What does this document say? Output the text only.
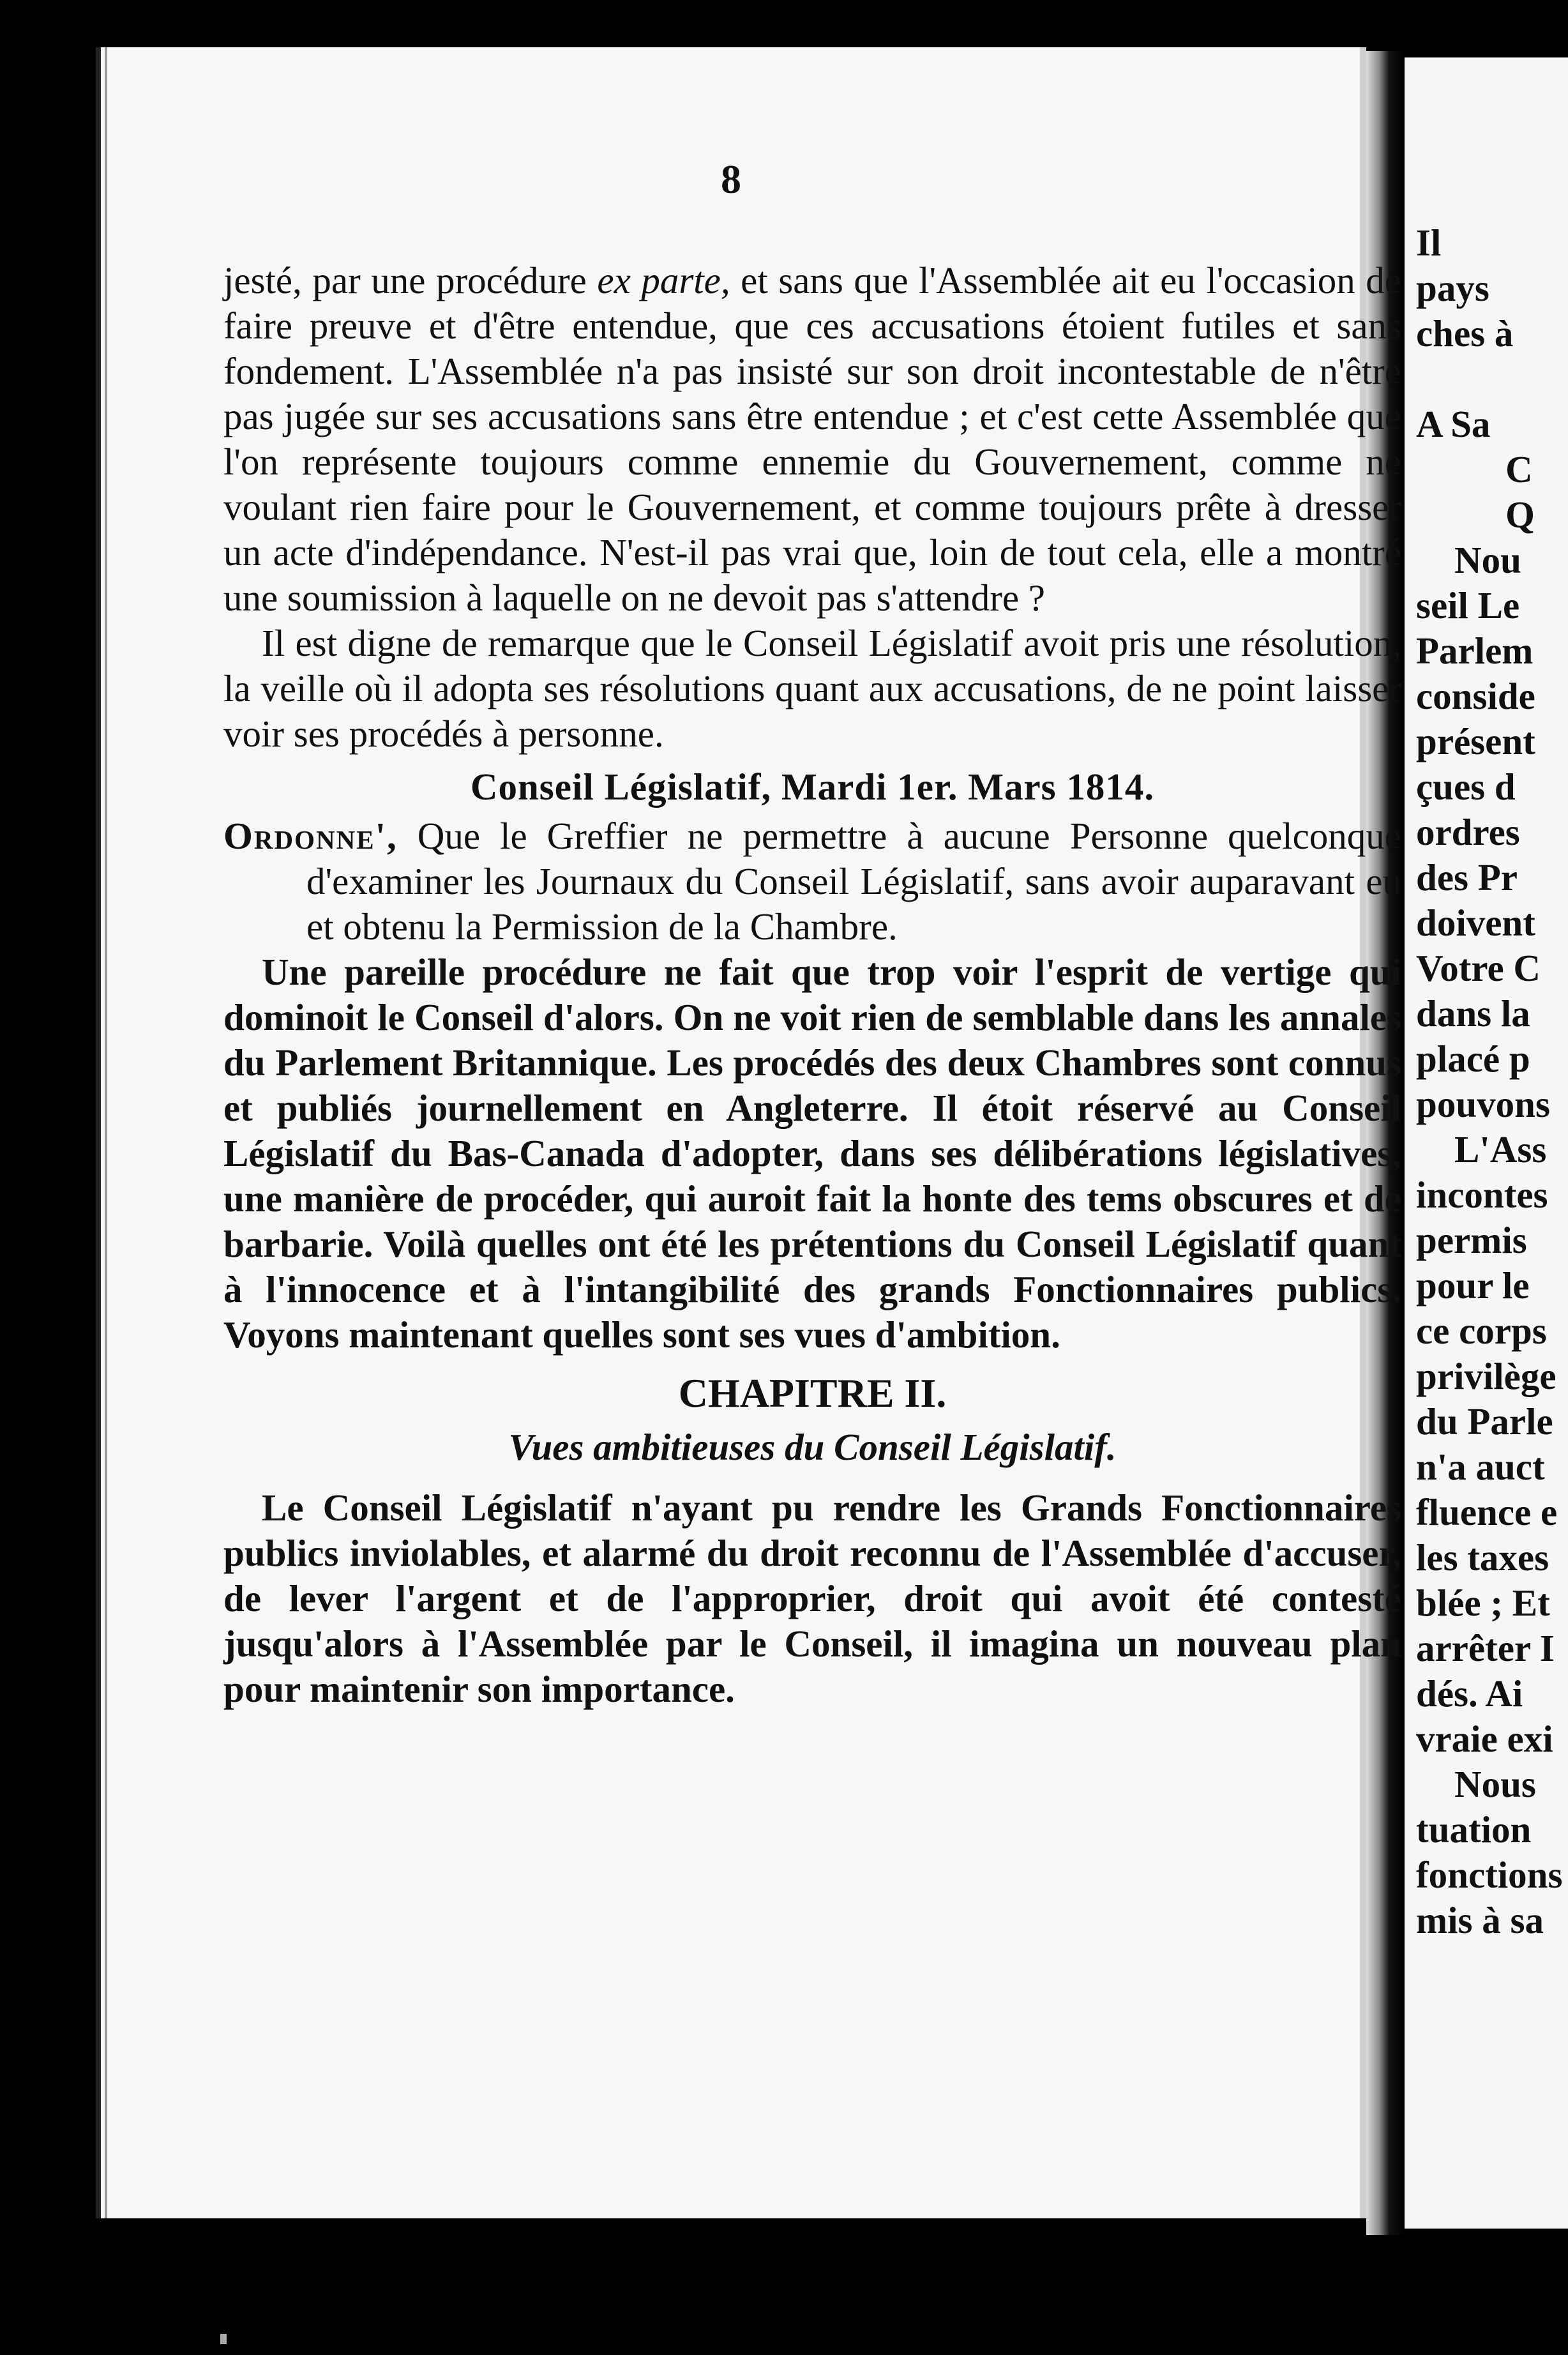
8

jesté, par une procédure ex parte, et sans que l'Assemblée ait eu l'occasion de faire preuve et d'être entendue, que ces accusations étoient futiles et sans fondement. L'Assemblée n'a pas insisté sur son droit incontestable de n'être pas jugée sur ses accusations sans être entendue ; et c'est cette Assemblée que l'on représente toujours comme ennemie du Gouvernement, comme ne voulant rien faire pour le Gouvernement, et comme toujours prête à dresser un acte d'indépendance. N'est-il pas vrai que, loin de tout cela, elle a montré une soumission à laquelle on ne devoit pas s'attendre ?

Il est digne de remarque que le Conseil Législatif avoit pris une résolution, la veille où il adopta ses résolutions quant aux accusations, de ne point laisser voir ses procédés à personne.

Conseil Législatif, Mardi 1er. Mars 1814.

Ordonne', Que le Greffier ne permettre à aucune Personne quelconque d'examiner les Journaux du Conseil Législatif, sans avoir auparavant eu et obtenu la Permission de la Chambre.

Une pareille procédure ne fait que trop voir l'esprit de vertige qui dominoit le Conseil d'alors. On ne voit rien de semblable dans les annales du Parlement Britannique. Les procédés des deux Chambres sont connus et publiés journellement en Angleterre. Il étoit réservé au Conseil Législatif du Bas-Canada d'adopter, dans ses délibérations législatives, une manière de procéder, qui auroit fait la honte des tems obscures et de barbarie. Voilà quelles ont été les prétentions du Conseil Législatif quant à l'innocence et à l'intangibilité des grands Fonctionnaires publics. Voyons maintenant quelles sont ses vues d'ambition.

CHAPITRE II.

Vues ambitieuses du Conseil Législatif.

Le Conseil Législatif n'ayant pu rendre les Grands Fonctionnaires publics inviolables, et alarmé du droit reconnu de l'Assemblée d'accuser, de lever l'argent et de l'approprier, droit qui avoit été contesté jusqu'alors à l'Assemblée par le Conseil, il imagina un nouveau plan pour maintenir son importance.

Il
pays
ches à
A Sa
C
Q
Nou
seil Le
Parlem
conside
présent
çues d
ordres
des Pr
doivent
Votre C
dans la
placé p
pouvons
L'Ass
incontes
permis
pour le
ce corps
privilège
du Parle
n'a auct
fluence e
les taxes
blée ; Et
arrêter I
dés. Ai
vraie exi
Nous
tuation
fonctions
mis à sa
